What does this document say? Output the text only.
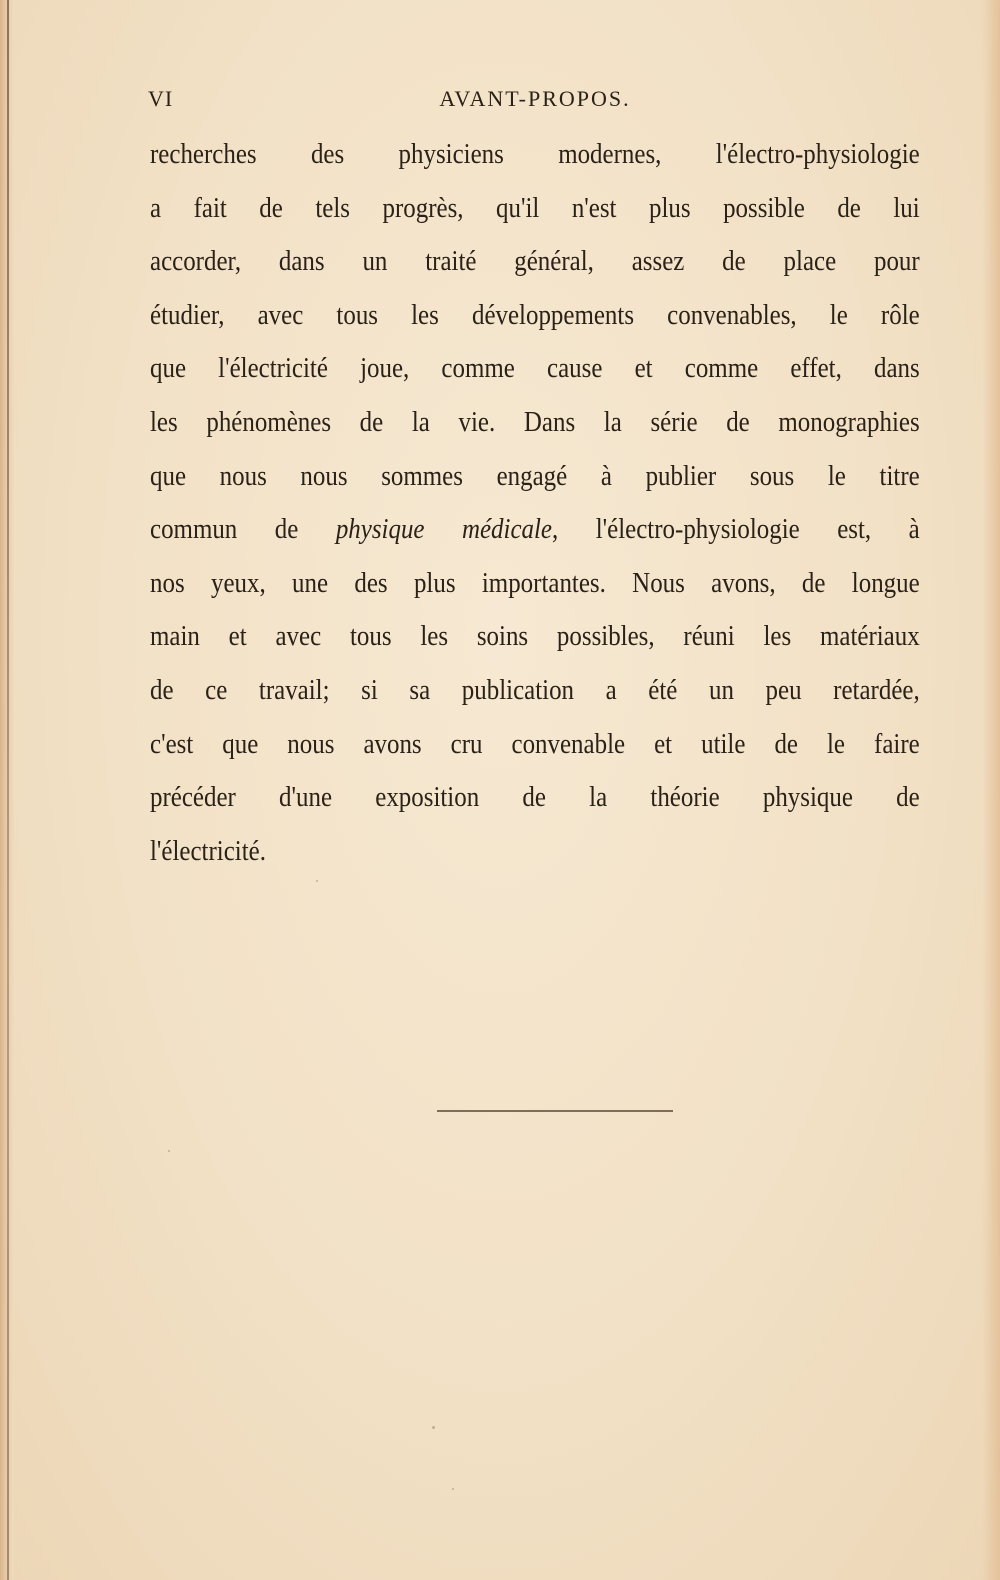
VI	AVANT-PROPOS.
recherches des physiciens modernes, l'électro-physiologie
a fait de tels progrès, qu'il n'est plus possible de lui
accorder, dans un traité général, assez de place pour
étudier, avec tous les développements convenables, le rôle
que l'électricité joue, comme cause et comme effet, dans
les phénomènes de la vie. Dans la série de monographies
que nous nous sommes engagé à publier sous le titre
commun de physique médicale, l'électro-physiologie est, à
nos yeux, une des plus importantes. Nous avons, de longue
main et avec tous les soins possibles, réuni les matériaux
de ce travail; si sa publication a été un peu retardée,
c'est que nous avons cru convenable et utile de le faire
précéder d'une exposition de la théorie physique de
l'électricité.
